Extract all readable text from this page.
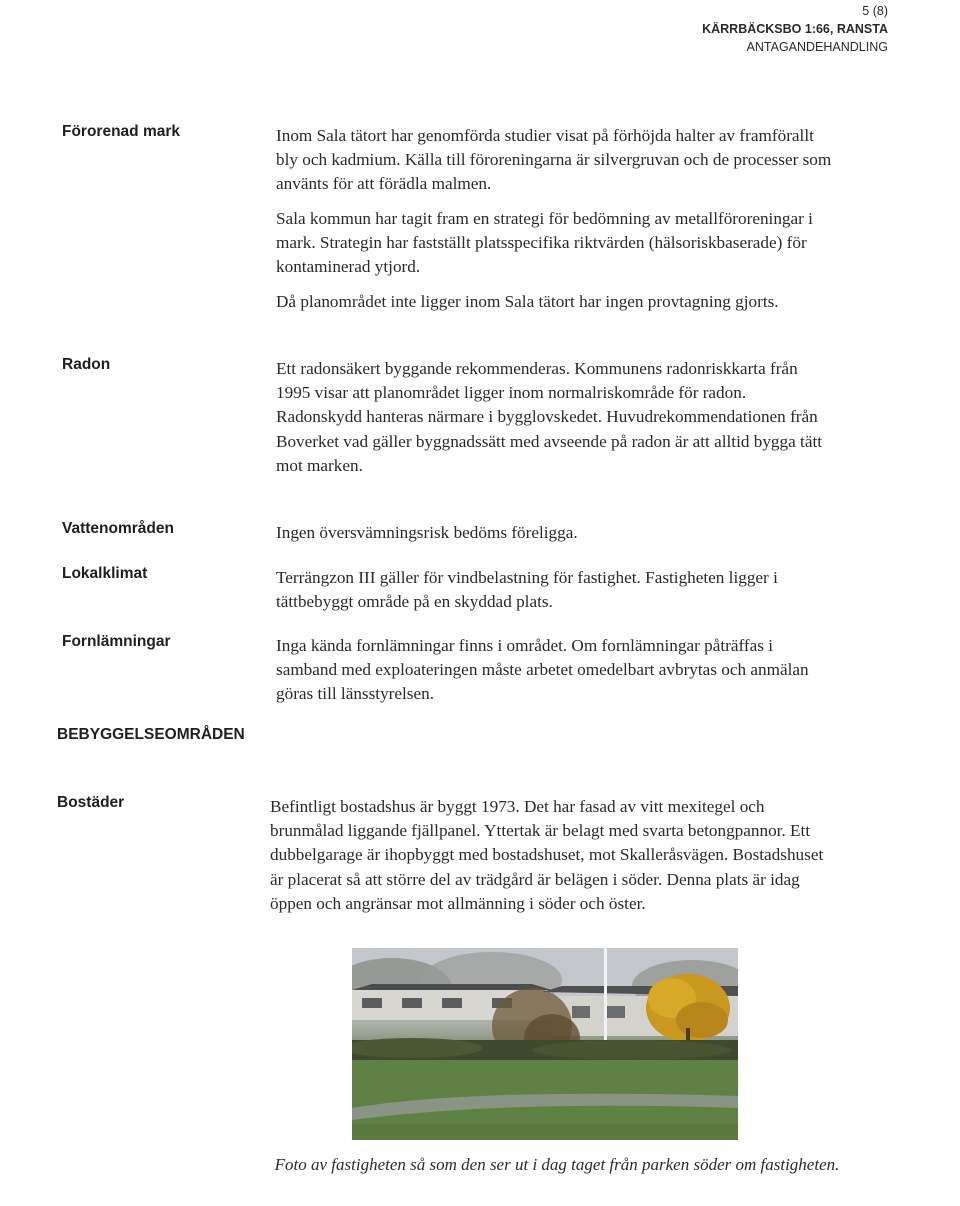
5 (8)
KÄRRBÄCKSBO 1:66, RANSTA
ANTAGANDEHANDLING
Förorenad mark	Inom Sala tätort har genomförda studier visat på förhöjda halter av framförallt bly och kadmium. Källa till föroreningarna är silvergruvan och de processer som använts för att förädla malmen.

Sala kommun har tagit fram en strategi för bedömning av metallföroreningar i mark. Strategin har fastställt platsspecifika riktvärden (hälsoriskbaserade) för kontaminerad ytjord.

Då planområdet inte ligger inom Sala tätort har ingen provtagning gjorts.

Radon	Ett radonsäkert byggande rekommenderas. Kommunens radonriskkarta från 1995 visar att planområdet ligger inom normalriskområde för radon. Radonskydd hanteras närmare i bygglovskedet. Huvudrekommendationen från Boverket vad gäller byggnadssätt med avseende på radon är att alltid bygga tätt mot marken.

Vattenområden	Ingen översvämningsrisk bedöms föreligga.

Lokalklimat	Terrängzon III gäller för vindbelastning för fastighet. Fastigheten ligger i tättbebyggt område på en skyddad plats.

Fornlämningar	Inga kända fornlämningar finns i området. Om fornlämningar påträffas i samband med exploateringen måste arbetet omedelbart avbrytas och anmälan göras till länsstyrelsen.

BEBYGGELSEOMRÅDEN
Bostäder	Befintligt bostadshus är byggt 1973. Det har fasad av vitt mexitegel och brunmålad liggande fjällpanel. Yttertak är belagt med svarta betongpannor. Ett dubbelgarage är ihopbyggt med bostadshuset, mot Skalleråsvägen. Bostadshuset är placerat så att större del av trädgård är belägen i söder. Denna plats är idag öppen och angränsar mot allmänning i söder och öster.

Foto av fastigheten så som den ser ut i dag taget från parken söder om fastigheten.
